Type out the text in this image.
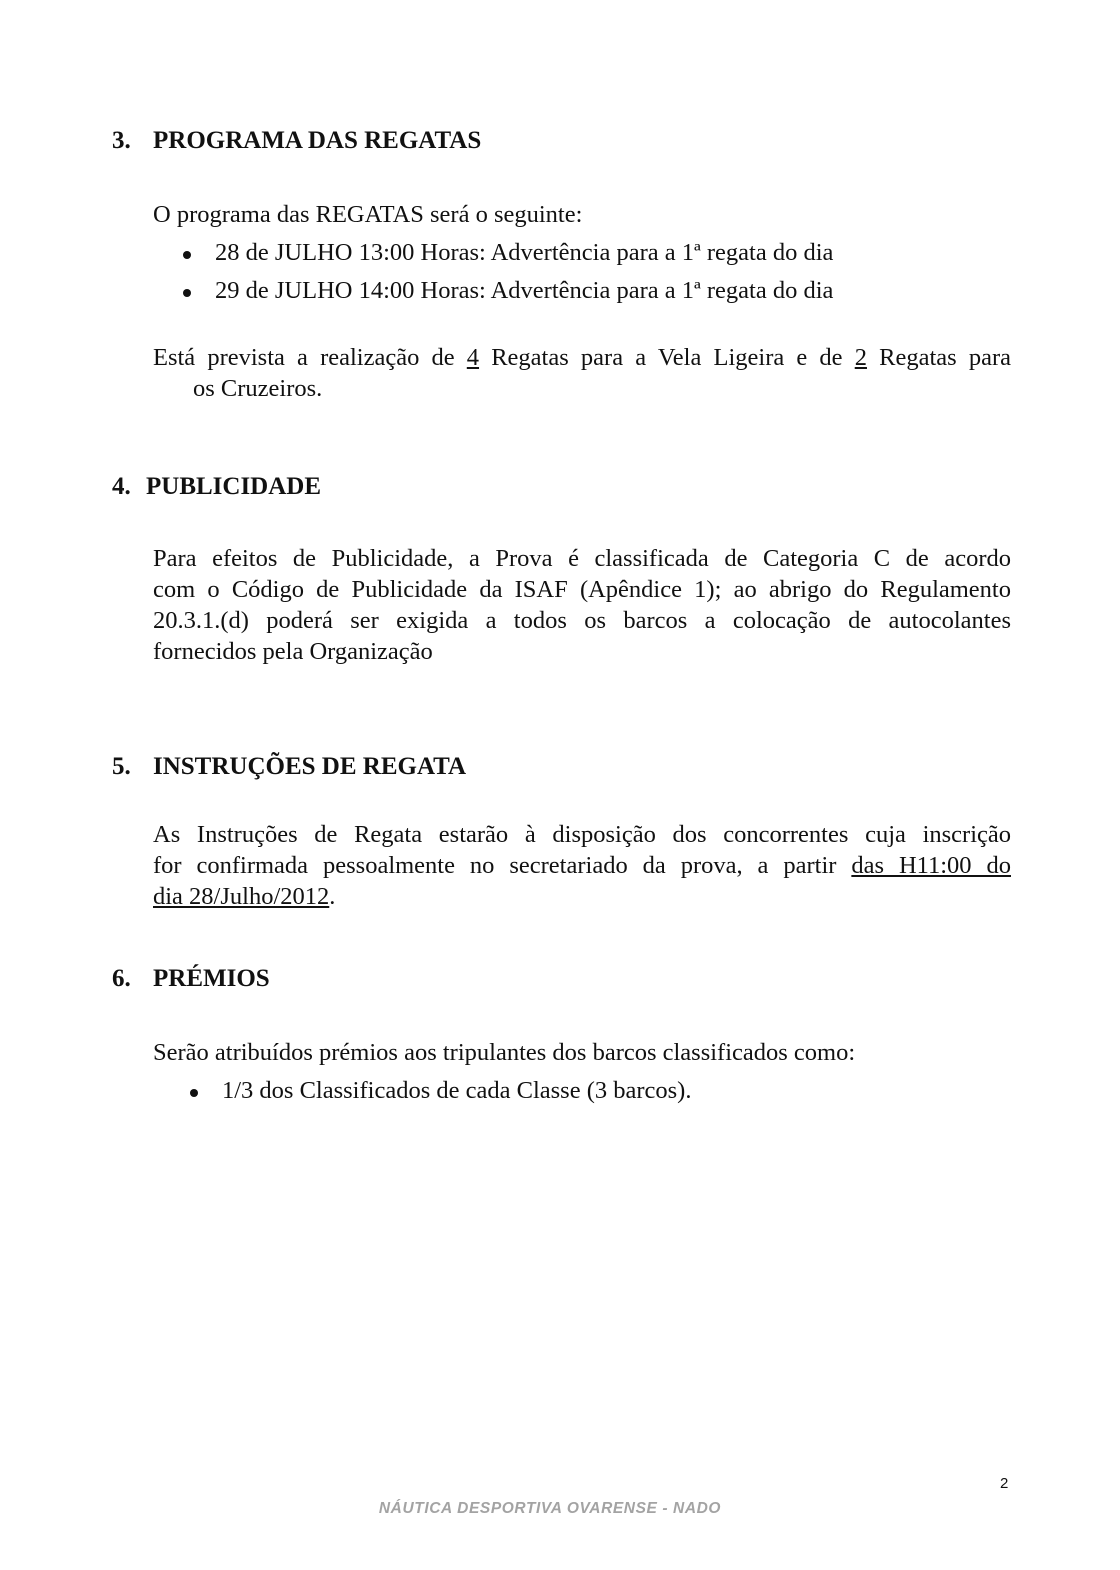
3. PROGRAMA DAS REGATAS
O programa das REGATAS será o seguinte:
28 de JULHO 13:00 Horas: Advertência para a 1ª regata do dia
29 de JULHO 14:00 Horas: Advertência para a 1ª regata do dia
Está prevista a realização de 4 Regatas para a Vela Ligeira e de 2 Regatas para
os Cruzeiros.
4. PUBLICIDADE
Para efeitos de Publicidade, a Prova é classificada de Categoria C de acordo
com o Código de Publicidade da ISAF (Apêndice 1); ao abrigo do Regulamento
20.3.1.(d) poderá ser exigida a todos os barcos a colocação de autocolantes
fornecidos pela Organização
5. INSTRUÇÕES DE REGATA
As Instruções de Regata estarão à disposição dos concorrentes cuja inscrição
for confirmada pessoalmente no secretariado da prova, a partir das H11:00 do
dia 28/Julho/2012.
6. PRÉMIOS
Serão atribuídos prémios aos tripulantes dos barcos classificados como:
1/3 dos Classificados de cada Classe (3 barcos).
2
NÁUTICA DESPORTIVA OVARENSE - NADO
